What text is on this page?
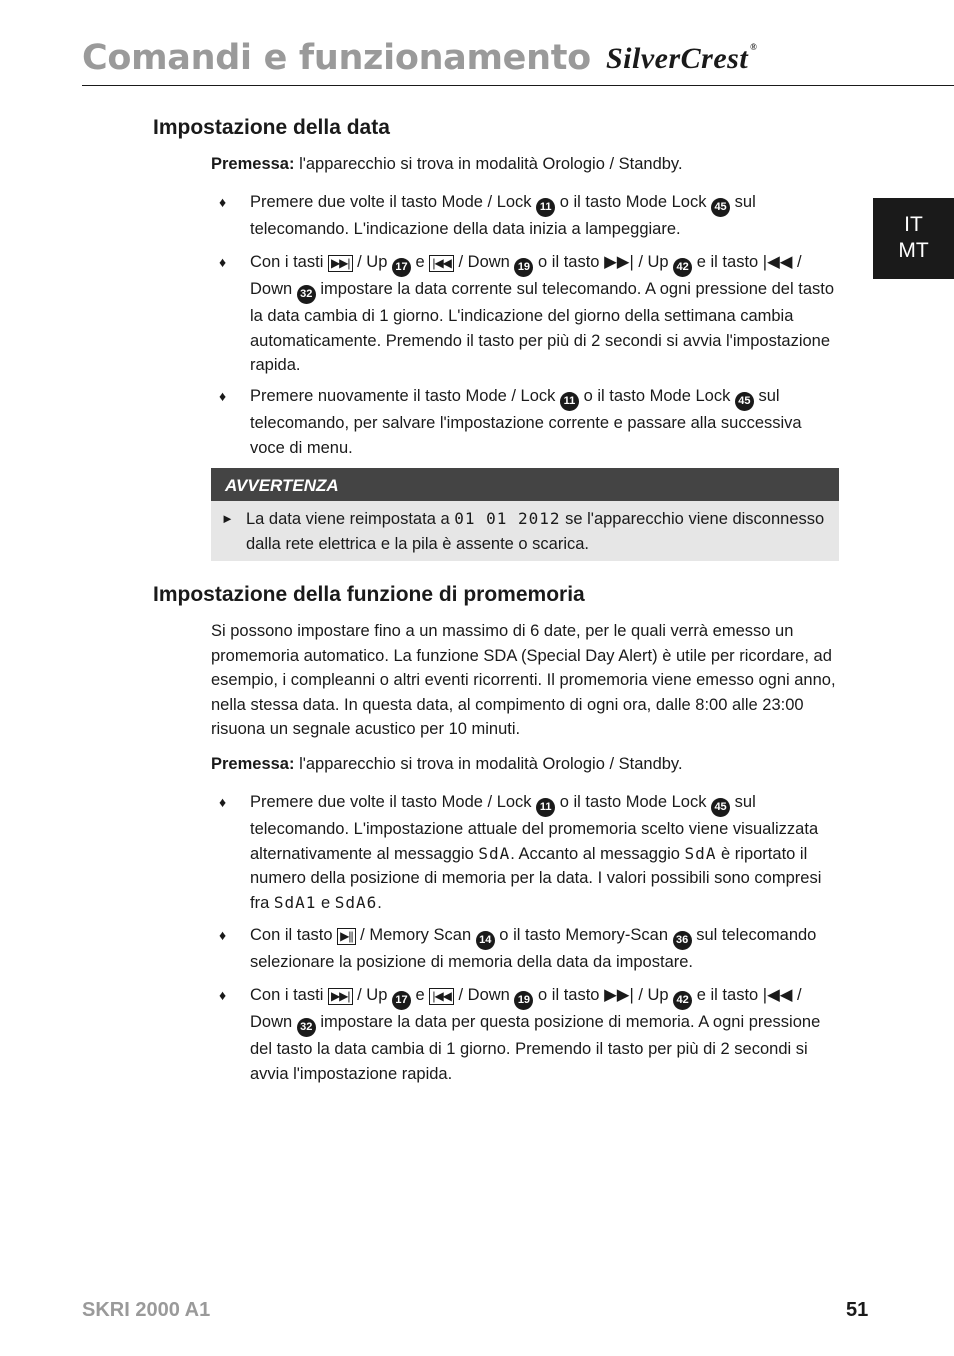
Comandi e funzionamento SilverCrest ®
IT
MT
Impostazione della data

Premessa: l'apparecchio si trova in modalità Orologio / Standby.

♦ Premere due volte il tasto Mode / Lock 11 o il tasto Mode Lock 45 sul telecomando. L'indicazione della data inizia a lampeggiare.
♦ Con i tasti ▶▶| / Up 17 e |◀◀ / Down 19 o il tasto ▶▶| / Up 42 e il tasto |◀◀ / Down 32 impostare la data corrente sul telecomando. A ogni pressione del tasto la data cambia di 1 giorno. L'indicazione del giorno della settimana cambia automaticamente. Premendo il tasto per più di 2 secondi si avvia l'impostazione rapida.
♦ Premere nuovamente il tasto Mode / Lock 11 o il tasto Mode Lock 45 sul telecomando, per salvare l'impostazione corrente e passare alla successiva voce di menu.
AVVERTENZA
► La data viene reimpostata a 01 01 2012 se l'apparecchio viene disconnesso dalla rete elettrica e la pila è assente o scarica.
Impostazione della funzione di promemoria

Si possono impostare fino a un massimo di 6 date, per le quali verrà emesso un promemoria automatico. La funzione SDA (Special Day Alert) è utile per ricordare, ad esempio, i compleanni o altri eventi ricorrenti. Il promemoria viene emesso ogni anno, nella stessa data. In questa data, al compimento di ogni ora, dalle 8:00 alle 23:00 risuona un segnale acustico per 10 minuti.

Premessa: l'apparecchio si trova in modalità Orologio / Standby.

♦ Premere due volte il tasto Mode / Lock 11 o il tasto Mode Lock 45 sul telecomando. L'impostazione attuale del promemoria scelto viene visualizzata alternativamente al messaggio SdA. Accanto al messaggio SdA è riportato il numero della posizione di memoria per la data. I valori possibili sono compresi fra SdA1 e SdA6.
♦ Con il tasto ▶|| / Memory Scan 14 o il tasto Memory-Scan 36 sul telecomando selezionare la posizione di memoria della data da impostare.
♦ Con i tasti ▶▶| / Up 17 e |◀◀ / Down 19 o il tasto ▶▶| / Up 42 e il tasto |◀◀ / Down 32 impostare la data per questa posizione di memoria. A ogni pressione del tasto la data cambia di 1 giorno. Premendo il tasto per più di 2 secondi si avvia l'impostazione rapida.
SKRI 2000 A1	51
